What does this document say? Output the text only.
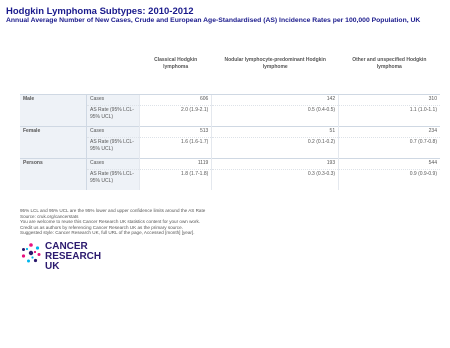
Hodgkin Lymphoma Subtypes: 2010-2012
Annual Average Number of New Cases, Crude and European Age-Standardised (AS) Incidence Rates per 100,000 Population, UK
		Classical Hodgkin lymphoma	Nodular lymphocyte-predominant Hodgkin lymphome	Other and unspecified Hodgkin lymphoma
Male	Cases	606	142	310
	AS Rate (95% LCL-95% UCL)	2.0 (1.9-2.1)	0.5 (0.4-0.5)	1.1 (1.0-1.1)
Female	Cases	513	51	234
	AS Rate (95% LCL-95% UCL)	1.6 (1.6-1.7)	0.2 (0.1-0.2)	0.7 (0.7-0.8)
Persons	Cases	1119	193	544
	AS Rate (95% LCL-95% UCL)	1.8 (1.7-1.8)	0.3 (0.3-0.3)	0.9 (0.9-0.9)
95% LCL and 95% UCL are the 95% lower and upper confidence limits around the AS Rate
Source: cruk.org/cancerstats
You are welcome to reuse this Cancer Research UK statistics content for your own work.
Credit us as authors by referencing Cancer Research UK as the primary source.
Suggested style: Cancer Research UK, full URL of the page, Accessed [month] [year].
CANCER
RESEARCH
UK
